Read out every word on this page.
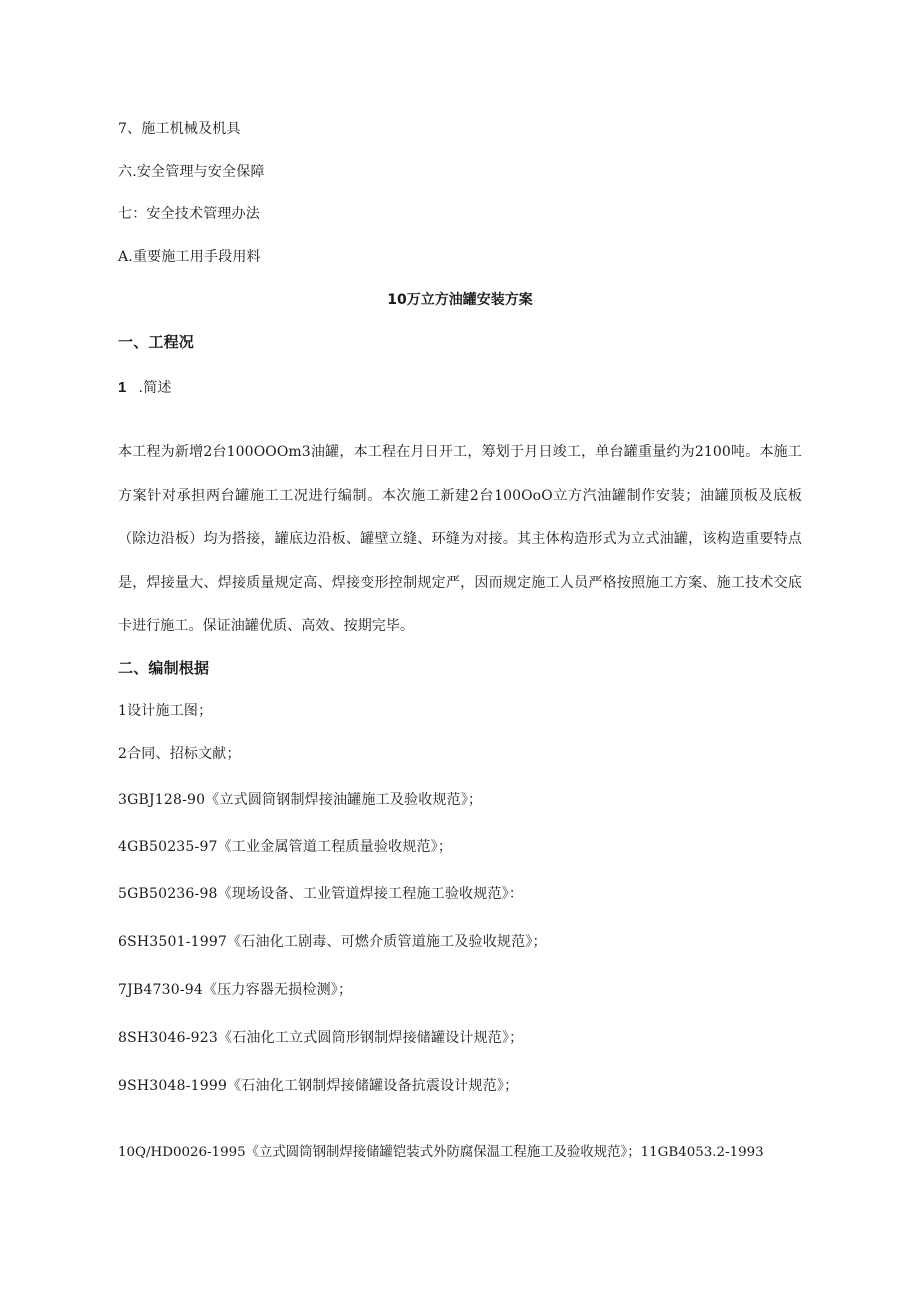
7、施工机械及机具
六.安全管理与安全保障
七：安全技术管理办法
A.重要施工用手段用料
10万立方油罐安装方案
一、工程况
1 .简述
本工程为新增2台100OOOm3油罐，本工程在月日开工，筹划于月日竣工，单台罐重量约为2100吨。本施工方案针对承担两台罐施工工况进行编制。本次施工新建2台100OoO立方汽油罐制作安装；油罐顶板及底板（除边沿板）均为搭接，罐底边沿板、罐壁立缝、环缝为对接。其主体构造形式为立式油罐，该构造重要特点是，焊接量大、焊接质量规定高、焊接变形控制规定严，因而规定施工人员严格按照施工方案、施工技术交底卡进行施工。保证油罐优质、高效、按期完毕。
二、编制根据
1设计施工图；
2合同、招标文献；
3GBJ128-90《立式圆筒钢制焊接油罐施工及验收规范》；
4GB50235-97《工业金属管道工程质量验收规范》；
5GB50236-98《现场设备、工业管道焊接工程施工验收规范》：
6SH3501-1997《石油化工剧毒、可燃介质管道施工及验收规范》；
7JB4730-94《压力容器无损检测》；
8SH3046-923《石油化工立式圆筒形钢制焊接储罐设计规范》；
9SH3048-1999《石油化工钢制焊接储罐设备抗震设计规范》；
10Q/HD0026-1995《立式圆筒钢制焊接储罐铠装式外防腐保温工程施工及验收规范》；11GB4053.2-1993
